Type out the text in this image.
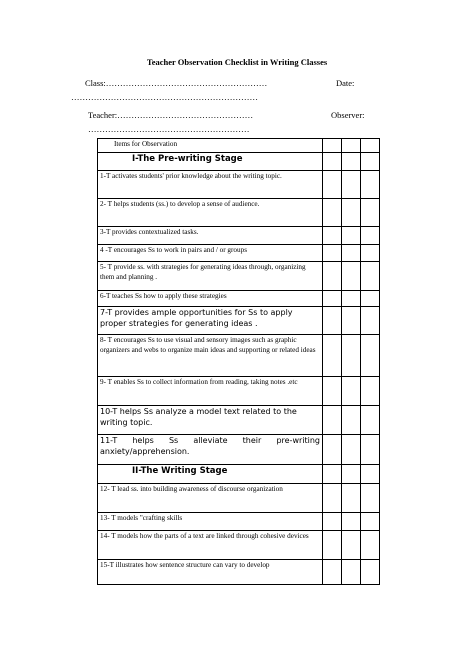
Teacher Observation Checklist in Writing Classes
Class:…………………………………………………	Date:
…………………………………………………………
Teacher:…………………………………………	Observer:
…………………………………………………
Items for Observation			
I-The Pre-writing Stage			
1-T activates students' prior knowledge about the writing topic.			
2- T helps students (ss.) to develop a sense of audience.			
3-T provides contextualized tasks.			
4 -T encourages Ss to work in pairs and / or groups			
5- T provide ss. with strategies for generating ideas through, organizing them and planning .			
6-T teaches Ss how to apply these strategies			
7-T provides ample opportunities for Ss to apply proper strategies for generating ideas .			
8- T encourages Ss to use visual and sensory images such as graphic organizers and webs to organize main ideas and supporting or related ideas			
9- T enables Ss to collect information from reading, taking notes .etc			
10-T helps Ss analyze a model text related to the writing topic.			
11-T helps Ss alleviate their pre-writing anxiety/apprehension.			
II-The Writing Stage			
12- T lead ss. into building awareness of discourse organization			
13- T models "crafting skills			
14- T models how the parts of a text are linked through cohesive devices			
15-T illustrates how sentence structure can vary to develop			
